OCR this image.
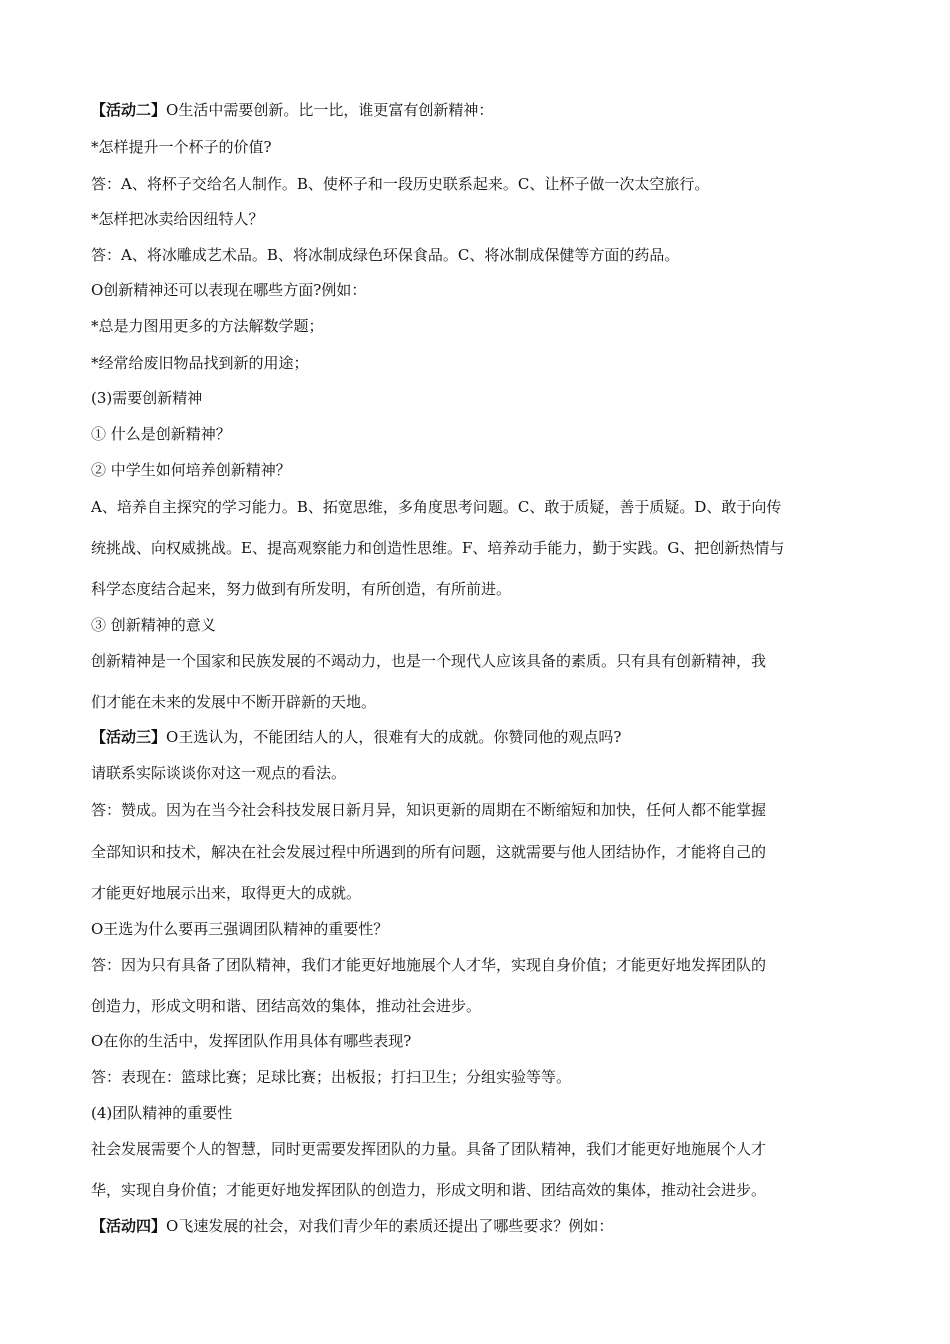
【活动二】O生活中需要创新。比一比，谁更富有创新精神：
*怎样提升一个杯子的价值?
答：A、将杯子交给名人制作。B、使杯子和一段历史联系起来。C、让杯子做一次太空旅行。
*怎样把冰卖给因纽特人？
答：A、将冰雕成艺术品。B、将冰制成绿色环保食品。C、将冰制成保健等方面的药品。
O创新精神还可以表现在哪些方面?例如：
*总是力图用更多的方法解数学题；
*经常给废旧物品找到新的用途；
(3)需要创新精神
① 什么是创新精神？
② 中学生如何培养创新精神？
A、培养自主探究的学习能力。B、拓宽思维，多角度思考问题。C、敢于质疑，善于质疑。D、敢于向传
统挑战、向权威挑战。E、提高观察能力和创造性思维。F、培养动手能力，勤于实践。G、把创新热情与
科学态度结合起来，努力做到有所发明，有所创造，有所前进。
③ 创新精神的意义
创新精神是一个国家和民族发展的不竭动力，也是一个现代人应该具备的素质。只有具有创新精神，我
们才能在未来的发展中不断开辟新的天地。
【活动三】O王选认为，不能团结人的人，很难有大的成就。你赞同他的观点吗?
请联系实际谈谈你对这一观点的看法。
答：赞成。因为在当今社会科技发展日新月异，知识更新的周期在不断缩短和加快，任何人都不能掌握
全部知识和技术，解决在社会发展过程中所遇到的所有问题，这就需要与他人团结协作，才能将自己的
才能更好地展示出来，取得更大的成就。
O王选为什么要再三强调团队精神的重要性？
答：因为只有具备了团队精神，我们才能更好地施展个人才华，实现自身价值；才能更好地发挥团队的
创造力，形成文明和谐、团结高效的集体，推动社会进步。
O在你的生活中，发挥团队作用具体有哪些表现?
答：表现在：篮球比赛；足球比赛；出板报；打扫卫生；分组实验等等。
(4)团队精神的重要性
社会发展需要个人的智慧，同时更需要发挥团队的力量。具备了团队精神，我们才能更好地施展个人才
华，实现自身价值；才能更好地发挥团队的创造力，形成文明和谐、团结高效的集体，推动社会进步。
【活动四】O飞速发展的社会，对我们青少年的素质还提出了哪些要求？例如：
